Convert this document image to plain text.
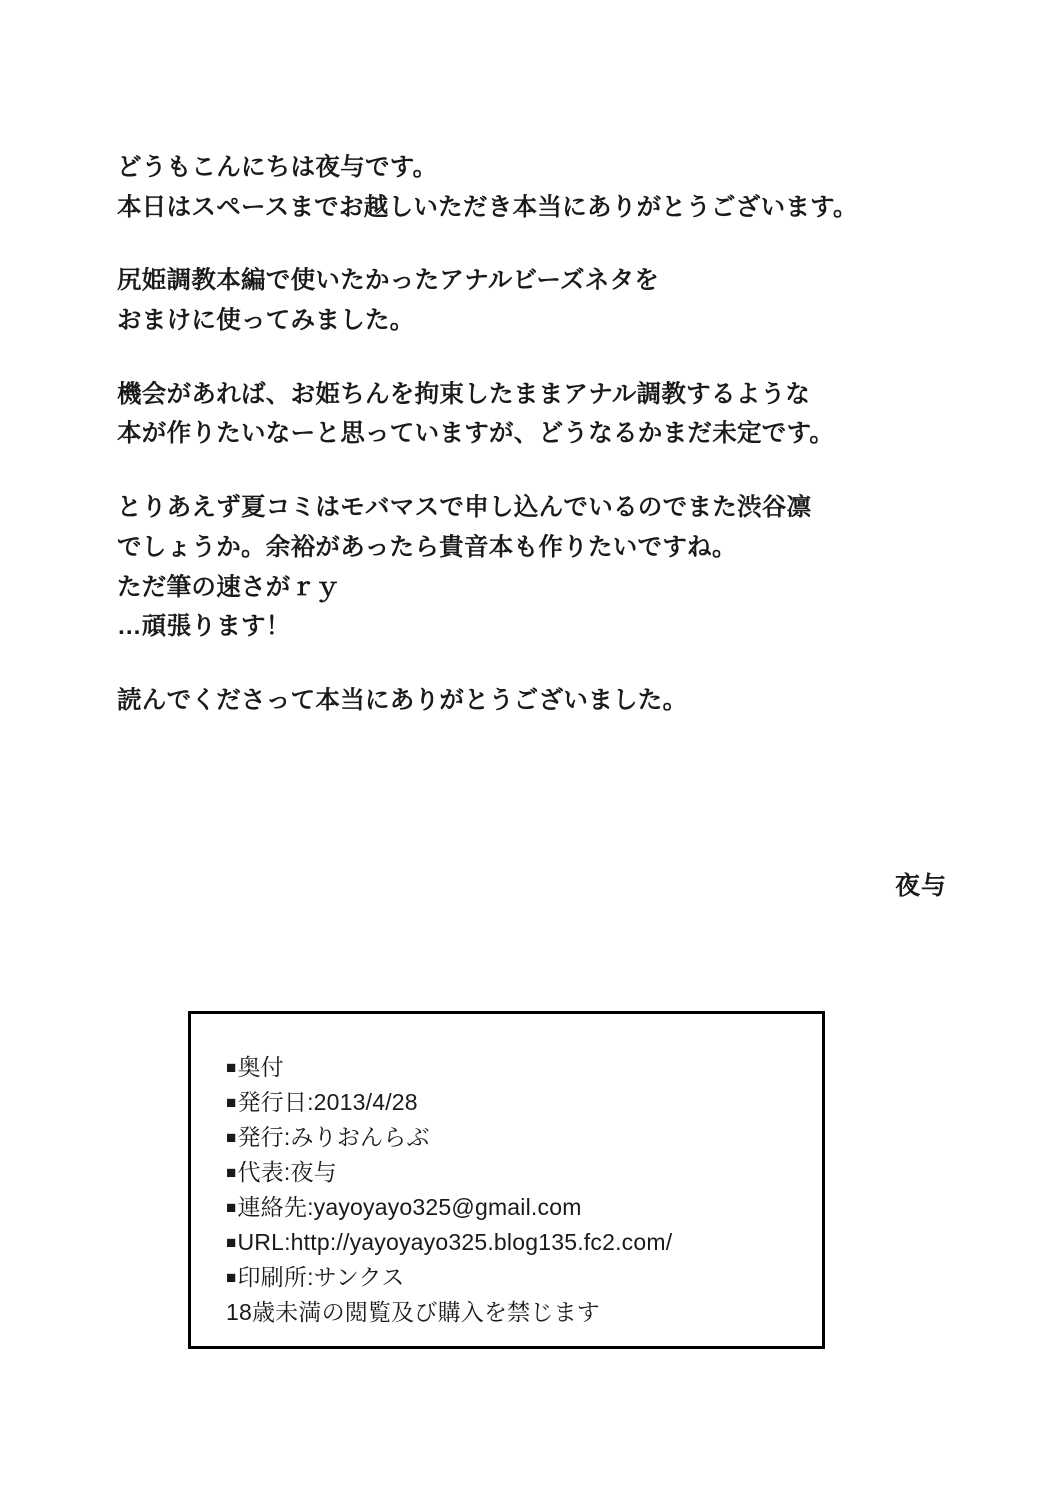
どうもこんにちは夜与です。
本日はスペースまでお越しいただき本当にありがとうございます。
尻姫調教本編で使いたかったアナルビーズネタを
おまけに使ってみました。
機会があれば、お姫ちんを拘束したままアナル調教するような
本が作りたいなーと思っていますが、どうなるかまだ未定です。
とりあえず夏コミはモバマスで申し込んでいるのでまた渋谷凛
でしょうか。余裕があったら貴音本も作りたいですね。
ただ筆の速さがｒｙ
…頑張ります！
読んでくださって本当にありがとうございました。
夜与
■ 奥付
■ 発行日:2013/4/28
■ 発行:みりおんらぶ
■ 代表:夜与
■ 連絡先:yayoyayo325@gmail.com
■ URL:http://yayoyayo325.blog135.fc2.com/
■ 印刷所:サンクス
18歳未満の閲覧及び購入を禁じます
